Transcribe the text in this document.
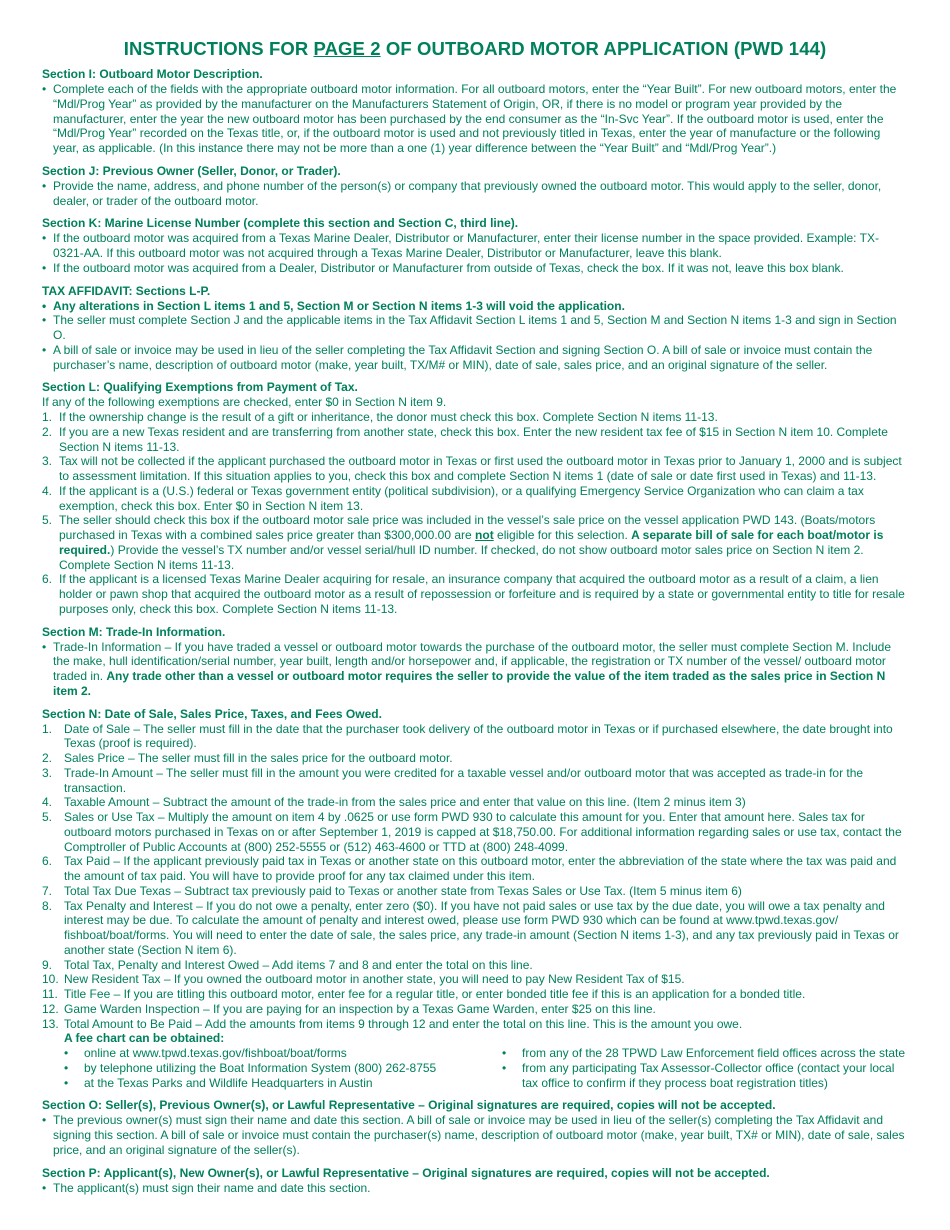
INSTRUCTIONS FOR PAGE 2 OF OUTBOARD MOTOR APPLICATION (PWD 144)
Section I: Outboard Motor Description.
• Complete each of the fields with the appropriate outboard motor information. For all outboard motors, enter the “Year Built”. For new outboard motors, enter the “Mdl/Prog Year” as provided by the manufacturer on the Manufacturers Statement of Origin, OR, if there is no model or program year provided by the manufacturer, enter the year the new outboard motor has been purchased by the end consumer as the “In-Svc Year”. If the outboard motor is used, enter the “Mdl/Prog Year” recorded on the Texas title, or, if the outboard motor is used and not previously titled in Texas, enter the year of manufacture or the following year, as applicable. (In this instance there may not be more than a one (1) year difference between the “Year Built” and “Mdl/Prog Year”.)
Section J: Previous Owner (Seller, Donor, or Trader).
• Provide the name, address, and phone number of the person(s) or company that previously owned the outboard motor. This would apply to the seller, donor, dealer, or trader of the outboard motor.
Section K: Marine License Number (complete this section and Section C, third line).
• If the outboard motor was acquired from a Texas Marine Dealer, Distributor or Manufacturer, enter their license number in the space provided. Example: TX-0321-AA. If this outboard motor was not acquired through a Texas Marine Dealer, Distributor or Manufacturer, leave this blank.
• If the outboard motor was acquired from a Dealer, Distributor or Manufacturer from outside of Texas, check the box. If it was not, leave this box blank.
TAX AFFIDAVIT: Sections L-P.
• Any alterations in Section L items 1 and 5, Section M or Section N items 1-3 will void the application.
• The seller must complete Section J and the applicable items in the Tax Affidavit Section L items 1 and 5, Section M and Section N items 1-3 and sign in Section O.
• A bill of sale or invoice may be used in lieu of the seller completing the Tax Affidavit Section and signing Section O. A bill of sale or invoice must contain the purchaser’s name, description of outboard motor (make, year built, TX/M# or MIN), date of sale, sales price, and an original signature of the seller.
Section L: Qualifying Exemptions from Payment of Tax.
If any of the following exemptions are checked, enter $0 in Section N item 9.
1. If the ownership change is the result of a gift or inheritance, the donor must check this box. Complete Section N items 11-13.
2. If you are a new Texas resident and are transferring from another state, check this box. Enter the new resident tax fee of $15 in Section N item 10. Complete Section N items 11-13.
3. Tax will not be collected if the applicant purchased the outboard motor in Texas or first used the outboard motor in Texas prior to January 1, 2000 and is subject to assessment limitation. If this situation applies to you, check this box and complete Section N items 1 (date of sale or date first used in Texas) and 11-13.
4. If the applicant is a (U.S.) federal or Texas government entity (political subdivision), or a qualifying Emergency Service Organization who can claim a tax exemption, check this box. Enter $0 in Section N item 13.
5. The seller should check this box if the outboard motor sale price was included in the vessel’s sale price on the vessel application PWD 143. (Boats/motors purchased in Texas with a combined sales price greater than $300,000.00 are not eligible for this selection. A separate bill of sale for each boat/motor is required.) Provide the vessel’s TX number and/or vessel serial/hull ID number. If checked, do not show outboard motor sales price on Section N item 2. Complete Section N items 11-13.
6. If the applicant is a licensed Texas Marine Dealer acquiring for resale, an insurance company that acquired the outboard motor as a result of a claim, a lien holder or pawn shop that acquired the outboard motor as a result of repossession or forfeiture and is required by a state or governmental entity to title for resale purposes only, check this box. Complete Section N items 11-13.
Section M: Trade-In Information.
• Trade-In Information – If you have traded a vessel or outboard motor towards the purchase of the outboard motor, the seller must complete Section M. Include the make, hull identification/serial number, year built, length and/or horsepower and, if applicable, the registration or TX number of the vessel/ outboard motor traded in. Any trade other than a vessel or outboard motor requires the seller to provide the value of the item traded as the sales price in Section N item 2.
Section N: Date of Sale, Sales Price, Taxes, and Fees Owed.
1. Date of Sale – The seller must fill in the date that the purchaser took delivery of the outboard motor in Texas or if purchased elsewhere, the date brought into Texas (proof is required).
2. Sales Price – The seller must fill in the sales price for the outboard motor.
3. Trade-In Amount – The seller must fill in the amount you were credited for a taxable vessel and/or outboard motor that was accepted as trade-in for the transaction.
4. Taxable Amount – Subtract the amount of the trade-in from the sales price and enter that value on this line. (Item 2 minus item 3)
5. Sales or Use Tax – Multiply the amount on item 4 by .0625 or use form PWD 930 to calculate this amount for you. Enter that amount here. Sales tax for outboard motors purchased in Texas on or after September 1, 2019 is capped at $18,750.00. For additional information regarding sales or use tax, contact the Comptroller of Public Accounts at (800) 252-5555 or (512) 463-4600 or TTD at (800) 248-4099.
6. Tax Paid – If the applicant previously paid tax in Texas or another state on this outboard motor, enter the abbreviation of the state where the tax was paid and the amount of tax paid. You will have to provide proof for any tax claimed under this item.
7. Total Tax Due Texas – Subtract tax previously paid to Texas or another state from Texas Sales or Use Tax. (Item 5 minus item 6)
8. Tax Penalty and Interest – If you do not owe a penalty, enter zero ($0). If you have not paid sales or use tax by the due date, you will owe a tax penalty and interest may be due. To calculate the amount of penalty and interest owed, please use form PWD 930 which can be found at www.tpwd.texas.gov/ fishboat/boat/forms. You will need to enter the date of sale, the sales price, any trade-in amount (Section N items 1-3), and any tax previously paid in Texas or another state (Section N item 6).
9. Total Tax, Penalty and Interest Owed – Add items 7 and 8 and enter the total on this line.
10. New Resident Tax – If you owned the outboard motor in another state, you will need to pay New Resident Tax of $15.
11. Title Fee – If you are titling this outboard motor, enter fee for a regular title, or enter bonded title fee if this is an application for a bonded title.
12. Game Warden Inspection – If you are paying for an inspection by a Texas Game Warden, enter $25 on this line.
13. Total Amount to Be Paid – Add the amounts from items 9 through 12 and enter the total on this line. This is the amount you owe.
A fee chart can be obtained:
• online at www.tpwd.texas.gov/fishboat/boat/forms
• by telephone utilizing the Boat Information System (800) 262-8755
• at the Texas Parks and Wildlife Headquarters in Austin
• from any of the 28 TPWD Law Enforcement field offices across the state
• from any participating Tax Assessor-Collector office (contact your local tax office to confirm if they process boat registration titles)
Section O: Seller(s), Previous Owner(s), or Lawful Representative – Original signatures are required, copies will not be accepted.
• The previous owner(s) must sign their name and date this section. A bill of sale or invoice may be used in lieu of the seller(s) completing the Tax Affidavit and signing this section. A bill of sale or invoice must contain the purchaser(s) name, description of outboard motor (make, year built, TX# or MIN), date of sale, sales price, and an original signature of the seller(s).
Section P: Applicant(s), New Owner(s), or Lawful Representative – Original signatures are required, copies will not be accepted.
• The applicant(s) must sign their name and date this section.
